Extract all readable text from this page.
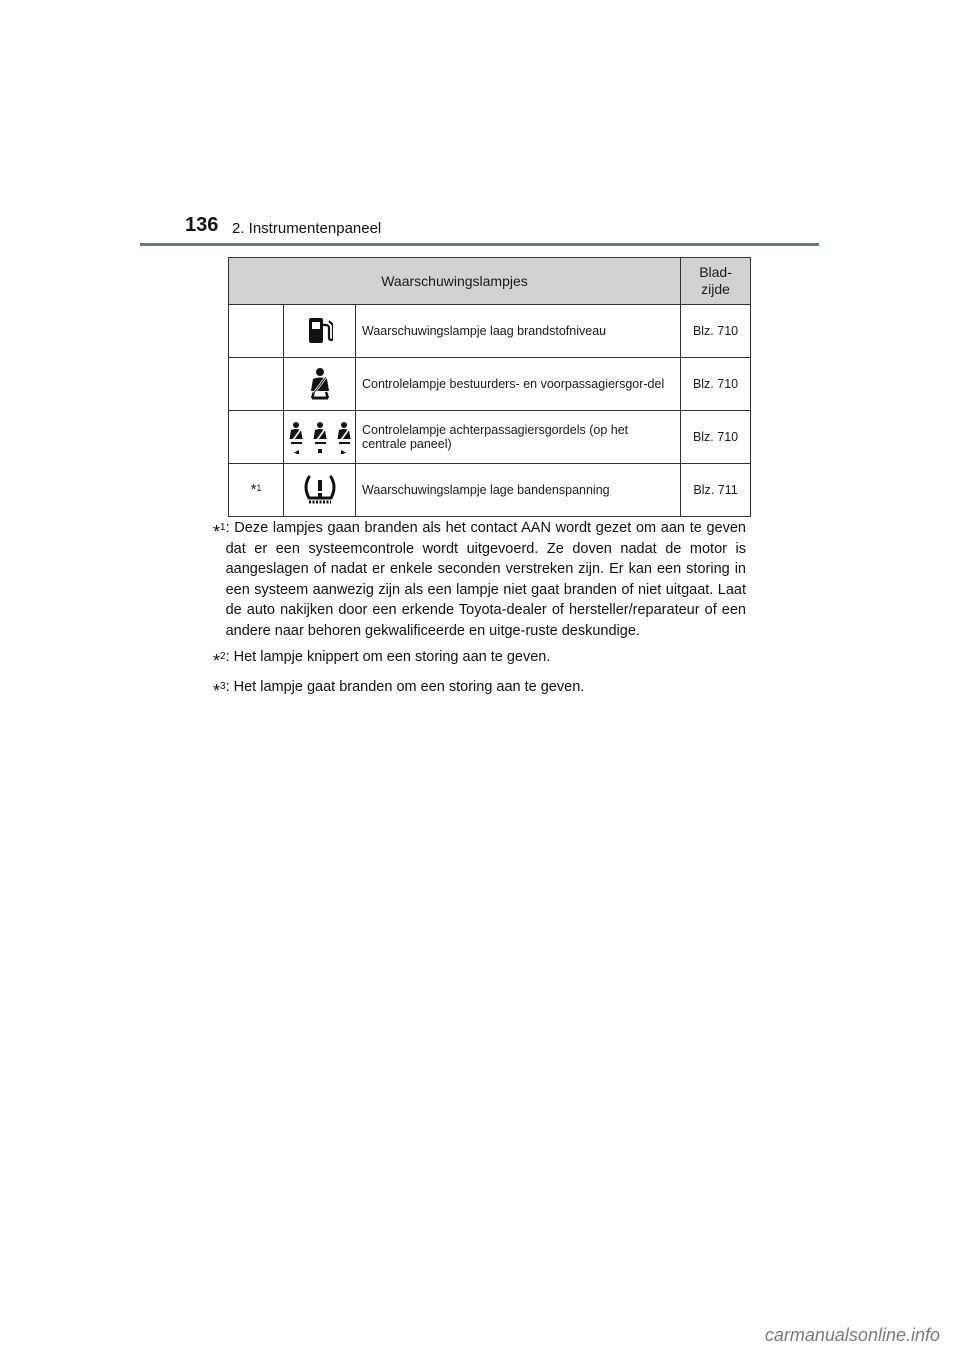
136 2. Instrumentenpaneel
Waarschuwingslampjes			Blad-
zijde

	Waarschuwingslampje laag brandstofniveau	Blz. 710

	Controlelampje bestuurders- en voorpassagiersgor-del	Blz. 710

	Controlelampje achterpassagiersgordels (op het centrale paneel)	Blz. 710
*$^1$		Waarschuwingslampje lage bandenspanning	Blz. 711
*$^1$ : Deze lampjes gaan branden als het contact AAN wordt gezet om aan te geven dat er een systeemcontrole wordt uitgevoerd. Ze doven nadat de motor is aangeslagen of nadat er enkele seconden verstreken zijn. Er kan een storing in een systeem aanwezig zijn als een lampje niet gaat branden of niet uitgaat. Laat de auto nakijken door een erkende Toyota-dealer of hersteller/reparateur of een andere naar behoren gekwalificeerde en uitge-ruste deskundige.
*$^2$ : Het lampje knippert om een storing aan te geven.
*$^3$ : Het lampje gaat branden om een storing aan te geven.
carmanualsonline.info
